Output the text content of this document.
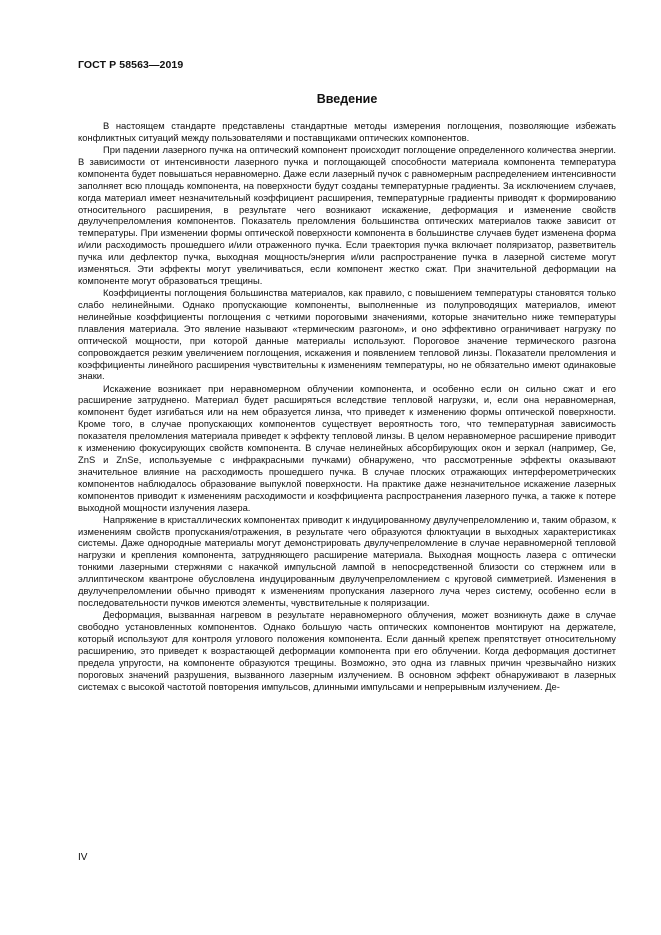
ГОСТ Р 58563—2019
Введение

В настоящем стандарте представлены стандартные методы измерения поглощения, позволяющие избежать конфликтных ситуаций между пользователями и поставщиками оптических компонентов.

При падении лазерного пучка на оптический компонент происходит поглощение определенного количества энергии. В зависимости от интенсивности лазерного пучка и поглощающей способности материала компонента температура компонента будет повышаться неравномерно. Даже если лазерный пучок с равномерным распределением интенсивности заполняет всю площадь компонента, на поверхности будут созданы температурные градиенты. За исключением случаев, когда материал имеет незначительный коэффициент расширения, температурные градиенты приводят к формированию относительного расширения, в результате чего возникают искажение, деформация и изменение свойств двулучепреломления компонентов. Показатель преломления большинства оптических материалов также зависит от температуры. При изменении формы оптической поверхности компонента в большинстве случаев будет изменена форма и/или расходимость прошедшего и/или отраженного пучка. Если траектория пучка включает поляризатор, разветвитель пучка или дефлектор пучка, выходная мощность/энергия и/или распространение пучка в лазерной системе могут изменяться. Эти эффекты могут увеличиваться, если компонент жестко сжат. При значительной деформации на компоненте могут образоваться трещины.

Коэффициенты поглощения большинства материалов, как правило, с повышением температуры становятся только слабо нелинейными. Однако пропускающие компоненты, выполненные из полупроводящих материалов, имеют нелинейные коэффициенты поглощения с четкими пороговыми значениями, которые значительно ниже температуры плавления материала. Это явление называют «термическим разгоном», и оно эффективно ограничивает нагрузку по оптической мощности, при которой данные материалы используют. Пороговое значение термического разгона сопровождается резким увеличением поглощения, искажения и появлением тепловой линзы. Показатели преломления и коэффициенты линейного расширения чувствительны к изменениям температуры, но не обязательно имеют одинаковые знаки.

Искажение возникает при неравномерном облучении компонента, и особенно если он сильно сжат и его расширение затруднено. Материал будет расширяться вследствие тепловой нагрузки, и, если она неравномерная, компонент будет изгибаться или на нем образуется линза, что приведет к изменению формы оптической поверхности. Кроме того, в случае пропускающих компонентов существует вероятность того, что температурная зависимость показателя преломления материала приведет к эффекту тепловой линзы. В целом неравномерное расширение приводит к изменению фокусирующих свойств компонента. В случае нелинейных абсорбирующих окон и зеркал (например, Ge, ZnS и ZnSe, используемые с инфракрасными пучками) обнаружено, что рассмотренные эффекты оказывают значительное влияние на расходимость прошедшего пучка. В случае плоских отражающих интерферометрических компонентов наблюдалось образование выпуклой поверхности. На практике даже незначительное искажение лазерных компонентов приводит к изменениям расходимости и коэффициента распространения лазерного пучка, а также к потере выходной мощности излучения лазера.

Напряжение в кристаллических компонентах приводит к индуцированному двулучепреломлению и, таким образом, к изменениям свойств пропускания/отражения, в результате чего образуются флюктуации в выходных характеристиках системы. Даже однородные материалы могут демонстрировать двулучепреломление в случае неравномерной тепловой нагрузки и крепления компонента, затрудняющего расширение материала. Выходная мощность лазера с оптически тонкими лазерными стержнями с накачкой импульсной лампой в непосредственной близости со стержнем или в эллиптическом квантроне обусловлена индуцированным двулучепреломлением с круговой симметрией. Изменения в двулучепреломлении обычно приводят к изменениям пропускания лазерного луча через систему, особенно если в последовательности пучков имеются элементы, чувствительные к поляризации.

Деформация, вызванная нагревом в результате неравномерного облучения, может возникнуть даже в случае свободно установленных компонентов. Однако большую часть оптических компонентов монтируют на держателе, который используют для контроля углового положения компонента. Если данный крепеж препятствует относительному расширению, это приведет к возрастающей деформации компонента при его облучении. Когда деформация достигнет предела упругости, на компоненте образуются трещины. Возможно, это одна из главных причин чрезвычайно низких пороговых значений разрушения, вызванного лазерным излучением. В основном эффект обнаруживают в лазерных системах с высокой частотой повторения импульсов, длинными импульсами и непрерывным излучением. Де-

IV
